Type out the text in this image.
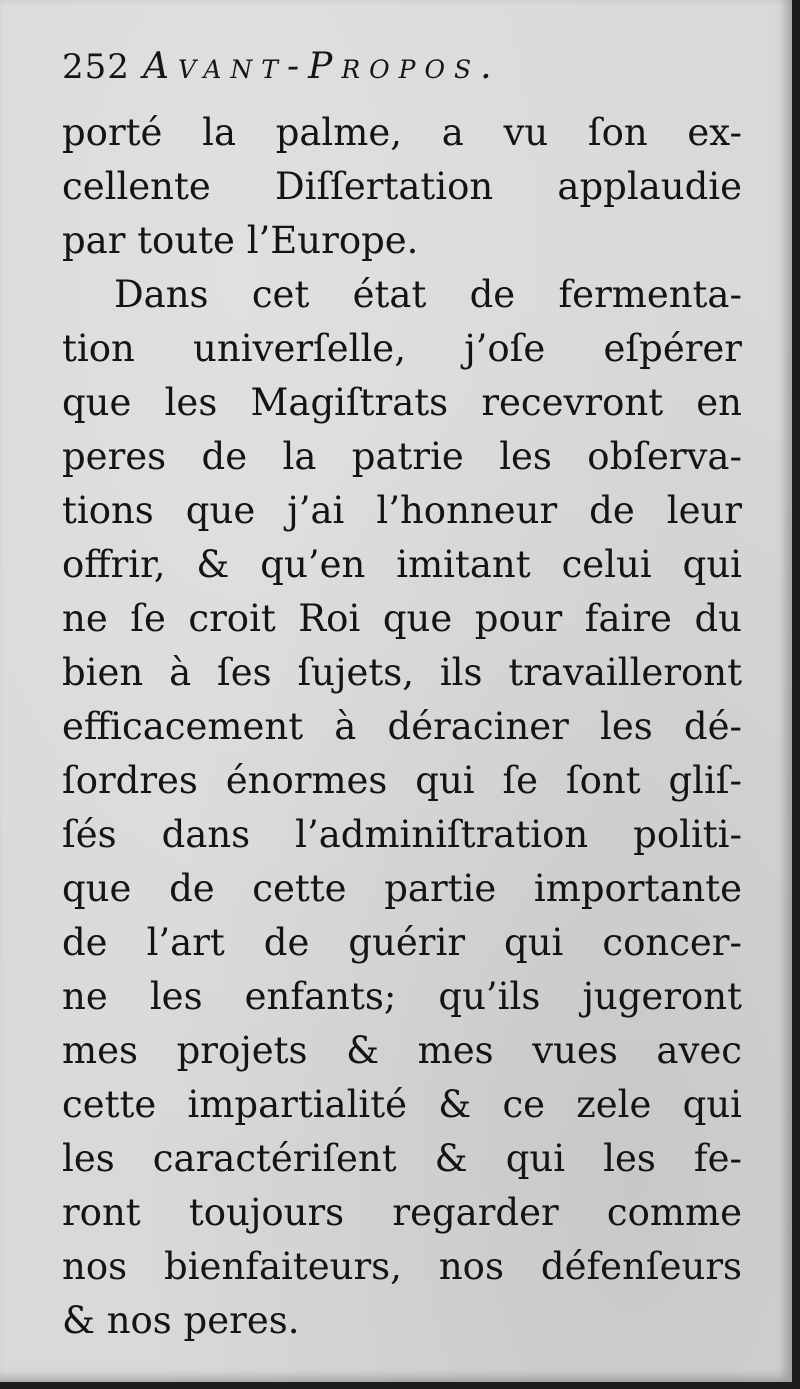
252 Avant-Propos.
porté la palme, a vu ſon ex-
cellente Diſſertation applaudie
par toute l’Europe.
Dans cet état de fermenta-
tion univerſelle, j’oſe eſpérer
que les Magiſtrats recevront en
peres de la patrie les obſerva-
tions que j’ai l’honneur de leur
offrir, & qu’en imitant celui qui
ne ſe croit Roi que pour faire du
bien à ſes ſujets, ils travailleront
efficacement à déraciner les dé-
ſordres énormes qui ſe ſont gliſ-
ſés dans l’adminiſtration politi-
que de cette partie importante
de l’art de guérir qui concer-
ne les enfants; qu’ils jugeront
mes projets & mes vues avec
cette impartialité & ce zele qui
les caractériſent & qui les fe-
ront toujours regarder comme
nos bienfaiteurs, nos défenſeurs
& nos peres.
